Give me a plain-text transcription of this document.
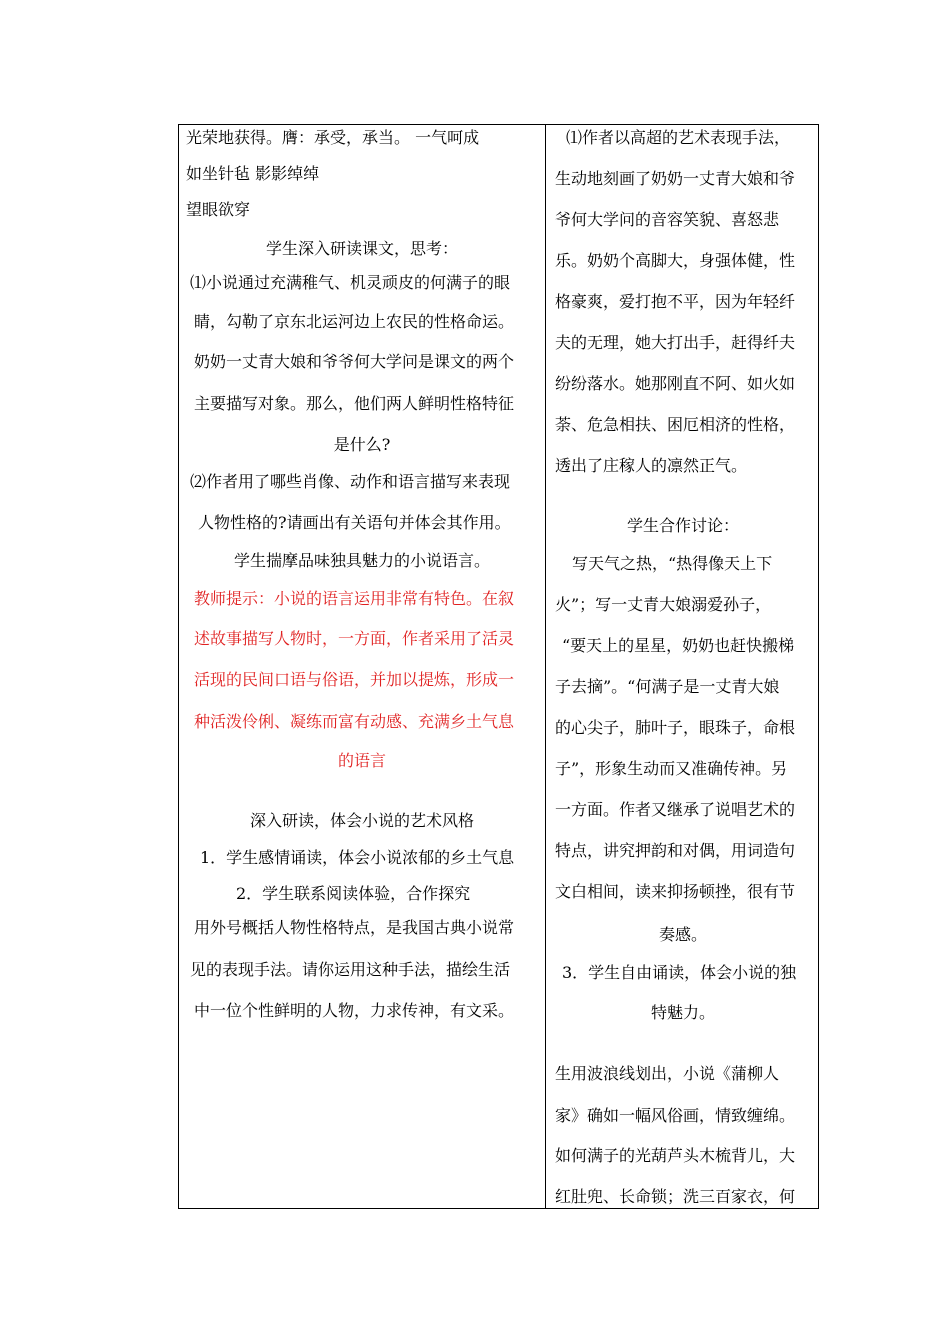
光荣地获得。膺：承受，承当。 一气呵成
如坐针毡 影影绰绰
望眼欲穿
学生深入研读课文，思考：
⑴小说通过充满稚气、机灵顽皮的何满子的眼
睛，勾勒了京东北运河边上农民的性格命运。
奶奶一丈青大娘和爷爷何大学问是课文的两个
主要描写对象。那么，他们两人鲜明性格特征
是什么?
⑵作者用了哪些肖像、动作和语言描写来表现
人物性格的?请画出有关语句并体会其作用。
学生揣摩品味独具魅力的小说语言。
教师提示：小说的语言运用非常有特色。在叙
述故事描写人物时，一方面，作者采用了活灵
活现的民间口语与俗语，并加以提炼，形成一
种活泼伶俐、凝练而富有动感、充满乡土气息
的语言
深入研读，体会小说的艺术风格
1．学生感情诵读，体会小说浓郁的乡土气息
2．学生联系阅读体验，合作探究
用外号概括人物性格特点，是我国古典小说常
见的表现手法。请你运用这种手法，描绘生活
中一位个性鲜明的人物，力求传神，有文采。
⑴作者以高超的艺术表现手法，
生动地刻画了奶奶一丈青大娘和爷
爷何大学问的音容笑貌、喜怒悲
乐。奶奶个高脚大，身强体健，性
格豪爽，爱打抱不平，因为年轻纤
夫的无理，她大打出手，赶得纤夫
纷纷落水。她那刚直不阿、如火如
荼、危急相扶、困厄相济的性格，
透出了庄稼人的凛然正气。
学生合作讨论：
写天气之热，“热得像天上下
火”；写一丈青大娘溺爱孙子，
“要天上的星星，奶奶也赶快搬梯
子去摘”。“何满子是一丈青大娘
的心尖子，肺叶子，眼珠子，命根
子”，形象生动而又准确传神。另
一方面。作者又继承了说唱艺术的
特点，讲究押韵和对偶，用词造句
文白相间，读来抑扬顿挫，很有节
奏感。
3．学生自由诵读，体会小说的独
特魅力。
生用波浪线划出，小说《蒲柳人
家》确如一幅风俗画，情致缠绵。
如何满子的光葫芦头木梳背儿，大
红肚兜、长命锁；洗三百家衣，何
